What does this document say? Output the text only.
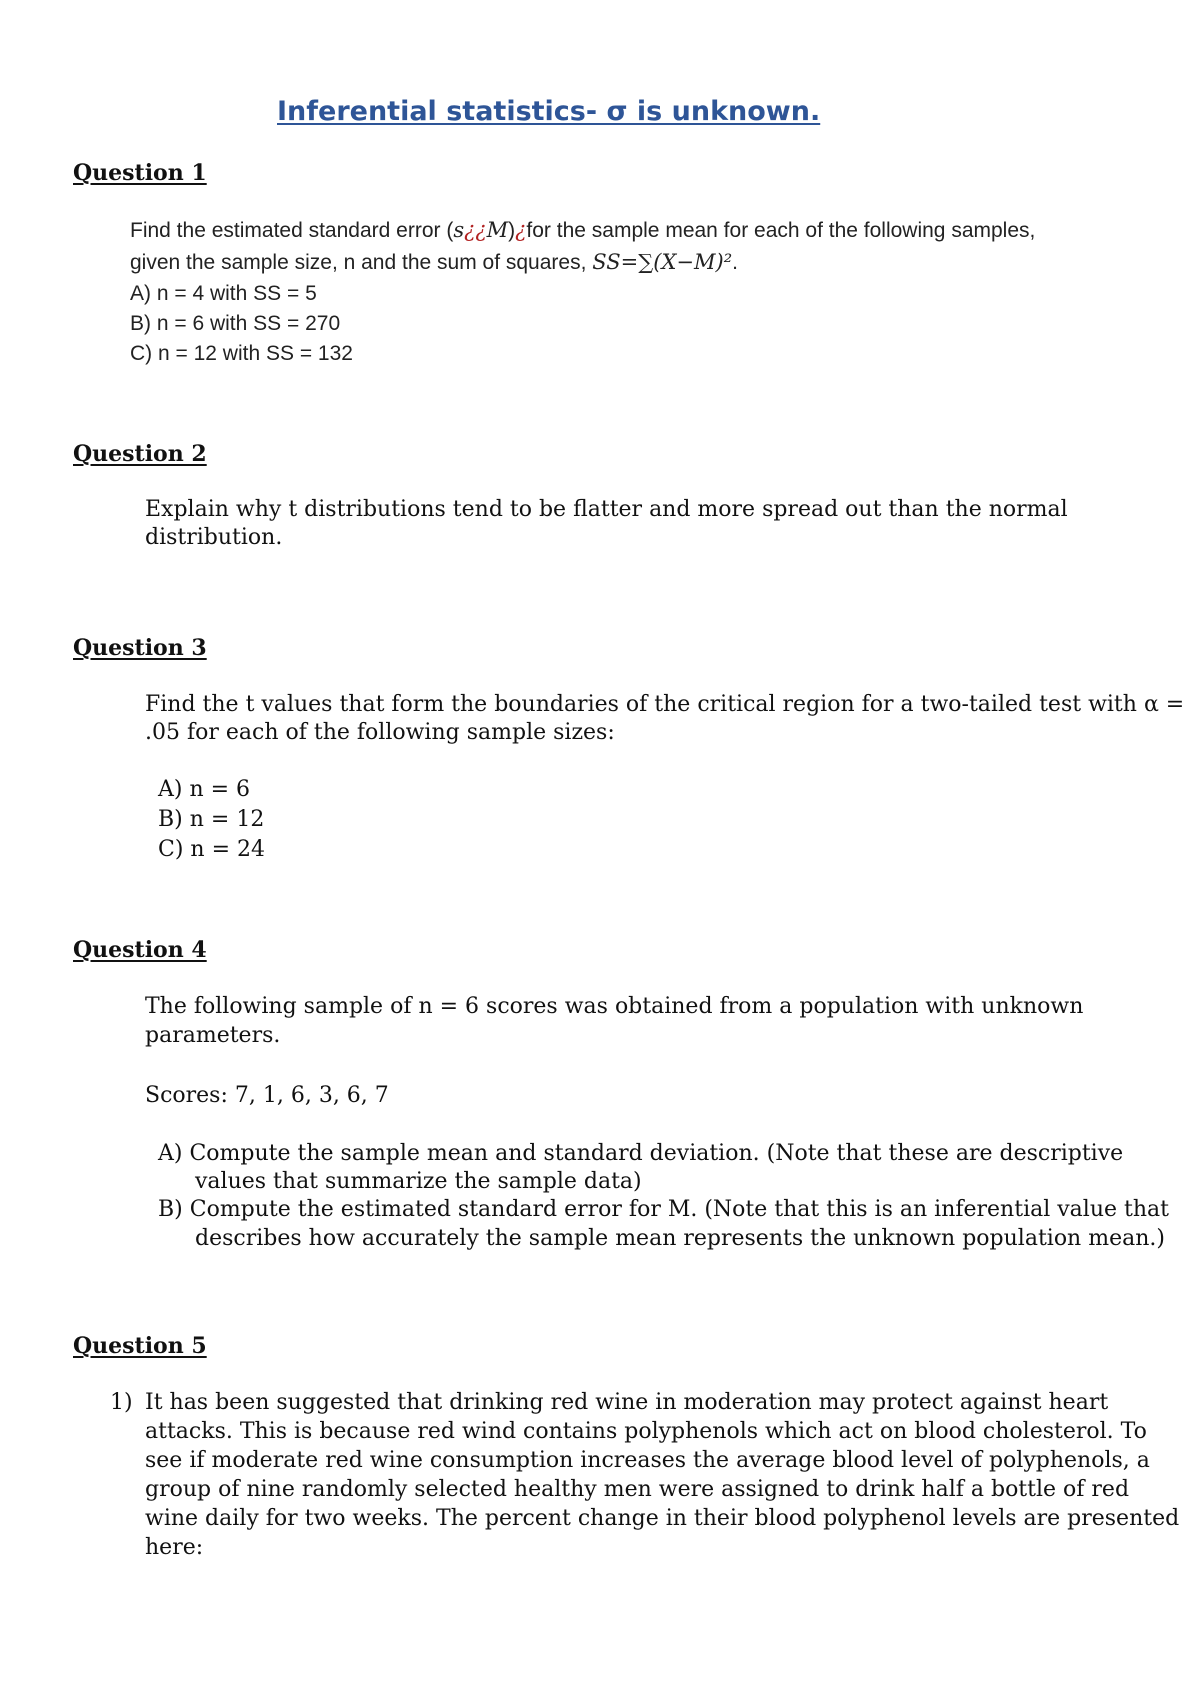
Inferential statistics- σ is unknown.
Question 1
Find the estimated standard error (s¿¿M)¿for the sample mean for each of the following samples,
given the sample size, n and the sum of squares, SS=∑(X−M)².
A) n = 4 with SS = 5
B) n = 6 with SS = 270
C) n = 12 with SS = 132
Question 2
Explain why t distributions tend to be flatter and more spread out than the normal
distribution.
Question 3
Find the t values that form the boundaries of the critical region for a two-tailed test with α =
.05 for each of the following sample sizes:
A) n = 6
B) n = 12
C) n = 24
Question 4
The following sample of n = 6 scores was obtained from a population with unknown
parameters.
Scores: 7, 1, 6, 3, 6, 7
A) Compute the sample mean and standard deviation. (Note that these are descriptive
values that summarize the sample data)
B) Compute the estimated standard error for M. (Note that this is an inferential value that
describes how accurately the sample mean represents the unknown population mean.)
Question 5
1) It has been suggested that drinking red wine in moderation may protect against heart
attacks. This is because red wind contains polyphenols which act on blood cholesterol. To
see if moderate red wine consumption increases the average blood level of polyphenols, a
group of nine randomly selected healthy men were assigned to drink half a bottle of red
wine daily for two weeks. The percent change in their blood polyphenol levels are presented
here:
